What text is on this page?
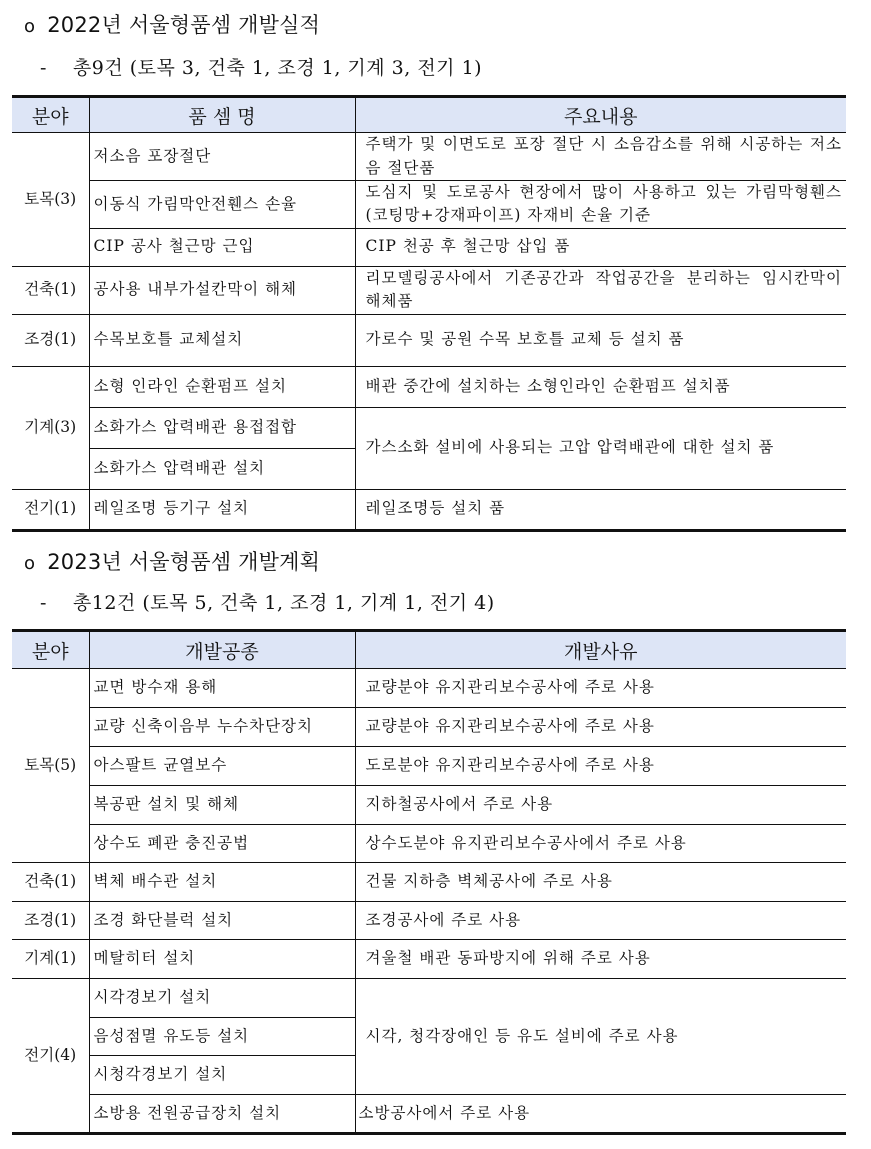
o 2022년 서울형품셈 개발실적
- 총9건 (토목 3, 건축 1, 조경 1, 기계 3, 전기 1)
분야	품 셈 명	주요내용
토목(3)	저소음 포장절단	주택가 및 이면도로 포장 절단 시 소음감소를 위해 시공하는 저소음 절단품
	이동식 가림막안전휀스 손율	도심지 및 도로공사 현장에서 많이 사용하고 있는 가림막형휀스(코팅망+강재파이프) 자재비 손율 기준
	CIP 공사 철근망 근입	CIP 천공 후 철근망 삽입 품
건축(1)	공사용 내부가설칸막이 해체	리모델링공사에서 기존공간과 작업공간을 분리하는 임시칸막이 해체품
조경(1)	수목보호틀 교체설치	가로수 및 공원 수목 보호틀 교체 등 설치 품
기계(3)	소형 인라인 순환펌프 설치	배관 중간에 설치하는 소형인라인 순환펌프 설치품
	소화가스 압력배관 용접접합	가스소화 설비에 사용되는 고압 압력배관에 대한 설치 품
	소화가스 압력배관 설치	
전기(1)	레일조명 등기구 설치	레일조명등 설치 품
o 2023년 서울형품셈 개발계획
- 총12건 (토목 5, 건축 1, 조경 1, 기계 1, 전기 4)
분야	개발공종	개발사유
토목(5)	교면 방수재 용해	교량분야 유지관리보수공사에 주로 사용
	교량 신축이음부 누수차단장치	교량분야 유지관리보수공사에 주로 사용
	아스팔트 균열보수	도로분야 유지관리보수공사에 주로 사용
	복공판 설치 및 해체	지하철공사에서 주로 사용
	상수도 폐관 충진공법	상수도분야 유지관리보수공사에서 주로 사용
건축(1)	벽체 배수관 설치	건물 지하층 벽체공사에 주로 사용
조경(1)	조경 화단블럭 설치	조경공사에 주로 사용
기계(1)	메탈히터 설치	겨울철 배관 동파방지에 위해 주로 사용
전기(4)	시각경보기 설치	시각, 청각장애인 등 유도 설비에 주로 사용
	음성점멸 유도등 설치	
	시청각경보기 설치	
	소방용 전원공급장치 설치	소방공사에서 주로 사용
